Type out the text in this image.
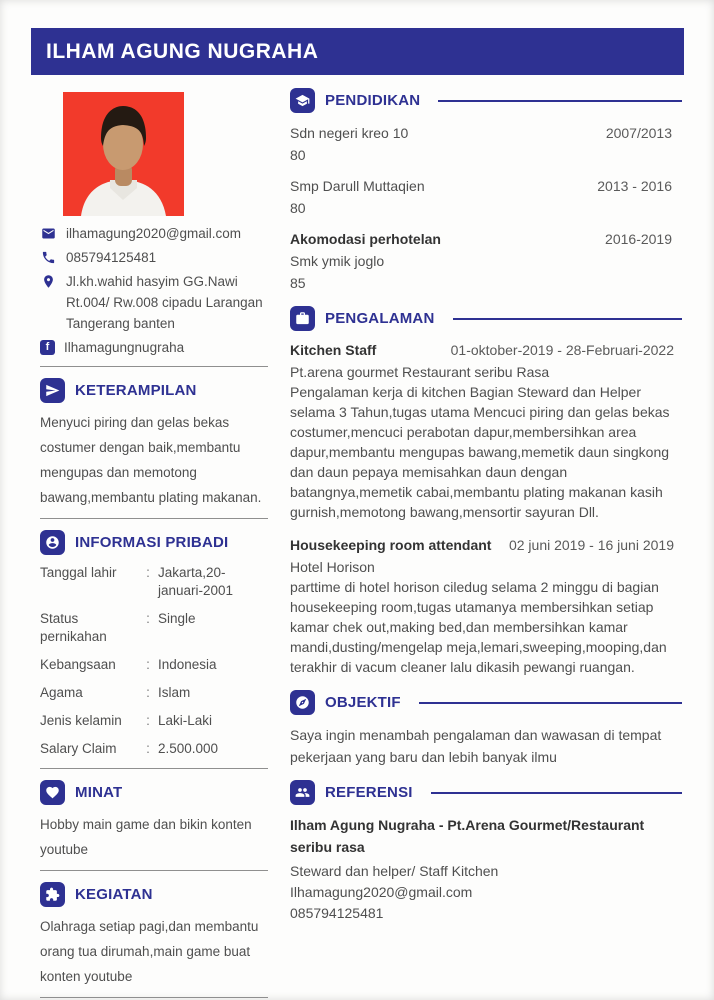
ILHAM AGUNG NUGRAHA
ilhamagung2020@gmail.com
085794125481
Jl.kh.wahid hasyim GG.Nawi Rt.004/ Rw.008 cipadu Larangan Tangerang banten
f
Ilhamagungnugraha
KETERAMPILAN

Menyuci piring dan gelas bekas costumer dengan baik,membantu mengupas dan memotong bawang,membantu plating makanan.

INFORMASI PRIBADI
Tanggal lahir :	Jakarta,20-januari-2001
Status pernikahan
:
Single
Kebangsaan :	Indonesia
Agama :	Islam
Jenis kelamin :	Laki-Laki
Salary Claim :	2.500.000
MINAT

Hobby main game dan bikin konten youtube

KEGIATAN

Olahraga setiap pagi,dan membantu orang tua dirumah,main game buat konten youtube

PENDIDIKAN
Sdn negeri kreo 10	2007/2013
80
Smp Darull Muttaqien	2013 - 2016
80
Akomodasi perhotelan	2016-2019
Smk ymik joglo
85
PENGALAMAN
Kitchen Staff	01-oktober-2019 - 28-Februari-2022
Pt.arena gourmet Restaurant seribu Rasa
Pengalaman kerja di kitchen Bagian Steward dan Helper selama 3 Tahun,tugas utama Mencuci piring dan gelas bekas costumer,mencuci perabotan dapur,membersihkan area dapur,membantu mengupas bawang,memetik daun singkong dan daun pepaya memisahkan daun dengan batangnya,memetik cabai,membantu plating makanan kasih gurnish,memotong bawang,mensortir sayuran Dll.
Housekeeping room attendant 02 juni 2019 - 16 juni 2019
Hotel Horison
parttime di hotel horison ciledug selama 2 minggu di bagian housekeeping room,tugas utamanya membersihkan setiap kamar chek out,making bed,dan membersihkan kamar mandi,dusting/mengelap meja,lemari,sweeping,mooping,dan terakhir di vacum cleaner lalu dikasih pewangi ruangan.
OBJEKTIF

Saya ingin menambah pengalaman dan wawasan di tempat pekerjaan yang baru dan lebih banyak ilmu

REFERENSI
Ilham Agung Nugraha - Pt.Arena Gourmet/Restaurant seribu rasa
Steward dan helper/ Staff Kitchen
Ilhamagung2020@gmail.com
085794125481
